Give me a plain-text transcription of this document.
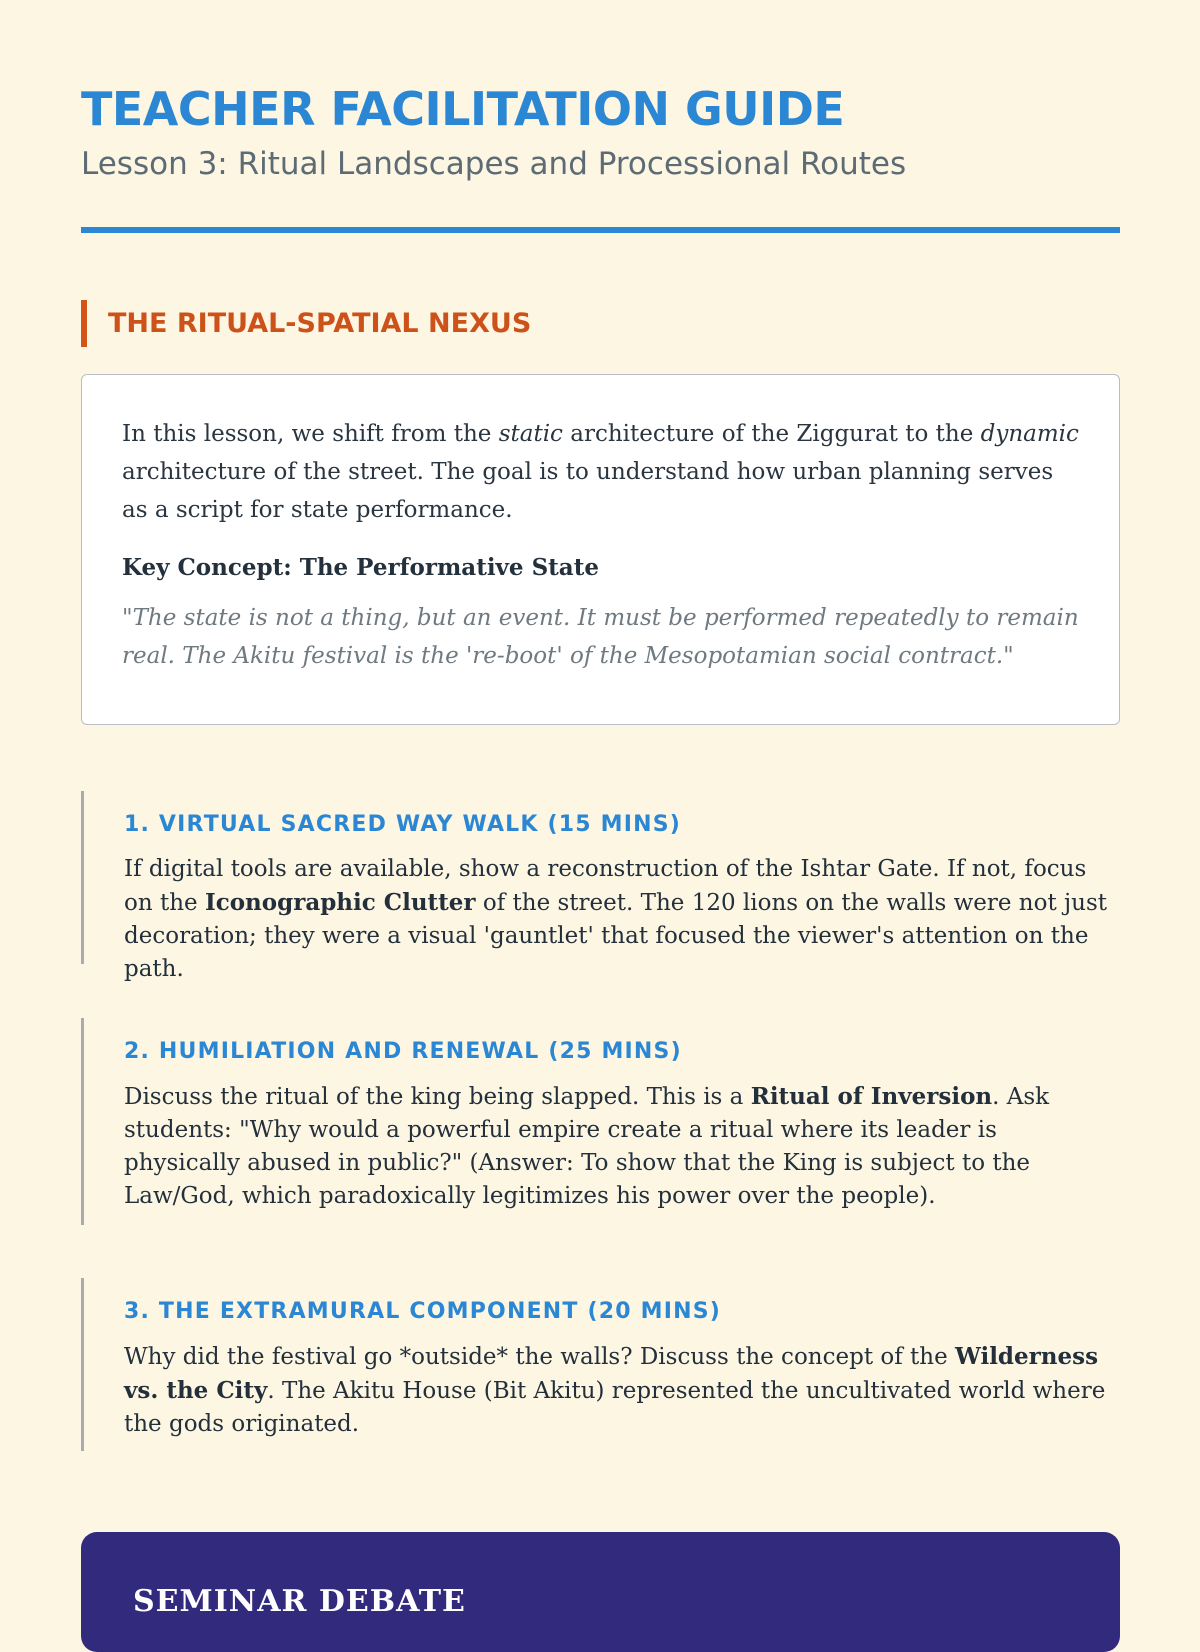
TEACHER FACILITATION GUIDE
Lesson 3: Ritual Landscapes and Processional Routes
THE RITUAL-SPATIAL NEXUS

In this lesson, we shift from the static architecture of the Ziggurat to the dynamic architecture of the street. The goal is to understand how urban planning serves as a script for state performance.

Key Concept: The Performative State

"The state is not a thing, but an event. It must be performed repeatedly to remain real. The Akitu festival is the 're-boot' of the Mesopotamian social contract."

1. VIRTUAL SACRED WAY WALK (15 MINS)

If digital tools are available, show a reconstruction of the Ishtar Gate. If not, focus on the Iconographic Clutter of the street. The 120 lions on the walls were not just decoration; they were a visual 'gauntlet' that focused the viewer's attention on the path.

2. HUMILIATION AND RENEWAL (25 MINS)

Discuss the ritual of the king being slapped. This is a Ritual of Inversion. Ask students: "Why would a powerful empire create a ritual where its leader is physically abused in public?" (Answer: To show that the King is subject to the Law/God, which paradoxically legitimizes his power over the people).

3. THE EXTRAMURAL COMPONENT (20 MINS)

Why did the festival go *outside* the walls? Discuss the concept of the Wilderness vs. the City. The Akitu House (Bit Akitu) represented the uncultivated world where the gods originated.

SEMINAR DEBATE
